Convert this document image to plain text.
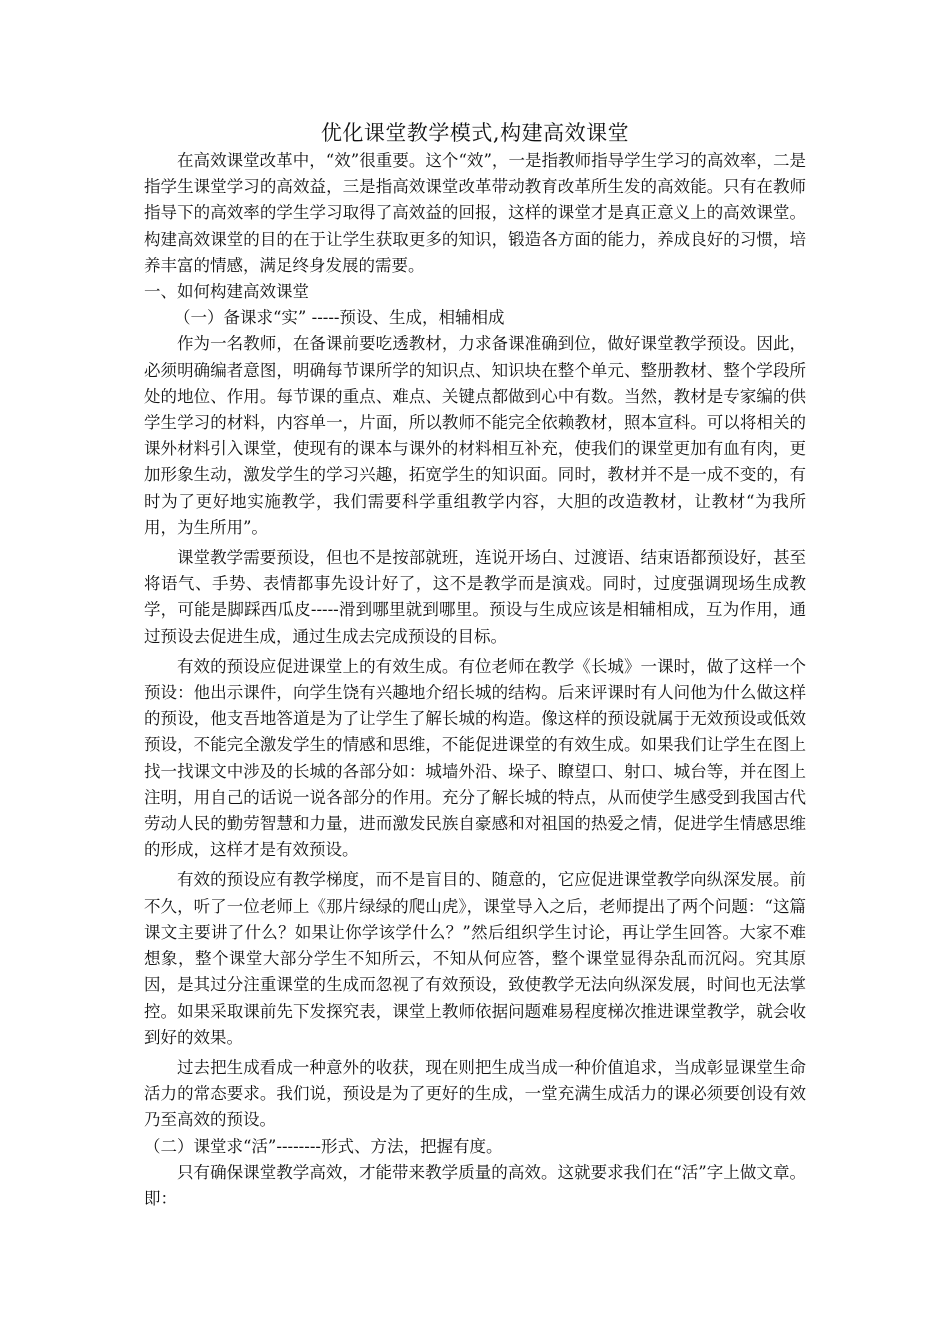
优化课堂教学模式,构建高效课堂

在高效课堂改革中，“效”很重要。这个“效”，一是指教师指导学生学习的高效率，二是指学生课堂学习的高效益，三是指高效课堂改革带动教育改革所生发的高效能。只有在教师指导下的高效率的学生学习取得了高效益的回报，这样的课堂才是真正意义上的高效课堂。构建高效课堂的目的在于让学生获取更多的知识，锻造各方面的能力，养成良好的习惯，培养丰富的情感，满足终身发展的需要。

一、如何构建高效课堂

（一）备课求“实” -----预设、生成，相辅相成

作为一名教师，在备课前要吃透教材，力求备课准确到位，做好课堂教学预设。因此，必须明确编者意图，明确每节课所学的知识点、知识块在整个单元、整册教材、整个学段所处的地位、作用。每节课的重点、难点、关键点都做到心中有数。当然，教材是专家编的供学生学习的材料，内容单一，片面，所以教师不能完全依赖教材，照本宣科。可以将相关的课外材料引入课堂，使现有的课本与课外的材料相互补充，使我们的课堂更加有血有肉，更加形象生动，激发学生的学习兴趣，拓宽学生的知识面。同时，教材并不是一成不变的，有时为了更好地实施教学，我们需要科学重组教学内容，大胆的改造教材，让教材“为我所用，为生所用”。

课堂教学需要预设，但也不是按部就班，连说开场白、过渡语、结束语都预设好，甚至将语气、手势、表情都事先设计好了，这不是教学而是演戏。同时，过度强调现场生成教学，可能是脚踩西瓜皮-----滑到哪里就到哪里。预设与生成应该是相辅相成，互为作用，通过预设去促进生成，通过生成去完成预设的目标。

有效的预设应促进课堂上的有效生成。有位老师在教学《长城》一课时，做了这样一个预设：他出示课件，向学生饶有兴趣地介绍长城的结构。后来评课时有人问他为什么做这样的预设，他支吾地答道是为了让学生了解长城的构造。像这样的预设就属于无效预设或低效预设，不能完全激发学生的情感和思维，不能促进课堂的有效生成。如果我们让学生在图上找一找课文中涉及的长城的各部分如：城墙外沿、垛子、瞭望口、射口、城台等，并在图上注明，用自己的话说一说各部分的作用。充分了解长城的特点，从而使学生感受到我国古代劳动人民的勤劳智慧和力量，进而激发民族自豪感和对祖国的热爱之情，促进学生情感思维的形成，这样才是有效预设。

有效的预设应有教学梯度，而不是盲目的、随意的，它应促进课堂教学向纵深发展。前不久，听了一位老师上《那片绿绿的爬山虎》，课堂导入之后，老师提出了两个问题：“这篇课文主要讲了什么？如果让你学该学什么？”然后组织学生讨论，再让学生回答。大家不难想象，整个课堂大部分学生不知所云，不知从何应答，整个课堂显得杂乱而沉闷。究其原因，是其过分注重课堂的生成而忽视了有效预设，致使教学无法向纵深发展，时间也无法掌控。如果采取课前先下发探究表，课堂上教师依据问题难易程度梯次推进课堂教学，就会收到好的效果。

过去把生成看成一种意外的收获，现在则把生成当成一种价值追求，当成彰显课堂生命活力的常态要求。我们说，预设是为了更好的生成，一堂充满生成活力的课必须要创设有效乃至高效的预设。

（二）课堂求“活”--------形式、方法，把握有度。

只有确保课堂教学高效，才能带来教学质量的高效。这就要求我们在“活”字上做文章。即：
